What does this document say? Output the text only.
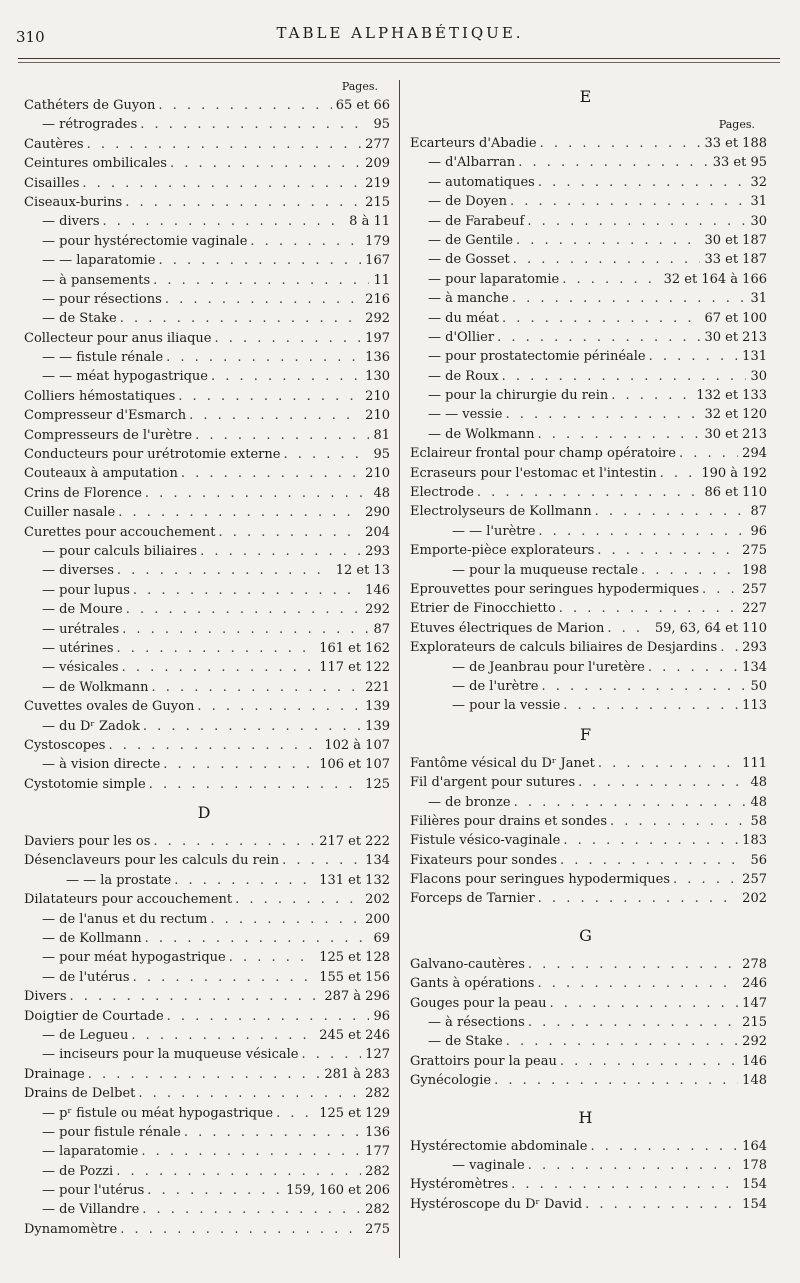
310	TABLE ALPHABÉTIQUE.
Pages.
Cathéters de Guyon . . .	65 et 66
— rétrogrades . . .	95
Cautères . . .	277
Ceintures ombilicales . . .	209
Cisailles . . .	219
Ciseaux-burins . . .	215
— divers . . .	8 à 11
— pour hystérectomie vaginale . . .	179
— — laparatomie . . .	167
— à pansements . . .	11
— pour résections . . .	216
— de Stake . . .	292
Collecteur pour anus iliaque . . .	197
— — fistule rénale . . .	136
— — méat hypogastrique . . .	130
Colliers hémostatiques . . .	210
Compresseur d'Esmarch . . .	210
Compresseurs de l'urètre . . .	81
Conducteurs pour urétrotomie externe . . .	95
Couteaux à amputation . . .	210
Crins de Florence . . .	48
Cuiller nasale . . .	290
Curettes pour accouchement . . .	204
— pour calculs biliaires . . .	293
— diverses . . .	12 et 13
— pour lupus . . .	146
— de Moure . . .	292
— urétrales . . .	87
— utérines . . .	161 et 162
— vésicales . . .	117 et 122
— de Wolkmann . . .	221
Cuvettes ovales de Guyon . . .	139
— du Dʳ Zadok . . .	139
Cystoscopes . . .	102 à 107
— à vision directe . . .	106 et 107
Cystotomie simple . . .	125
D
Daviers pour les os . . .	217 et 222
Désenclaveurs pour les calculs du rein . . .	134
— — la prostate . . .	131 et 132
Dilatateurs pour accouchement . . .	202
— de l'anus et du rectum . . .	200
— de Kollmann . . .	69
— pour méat hypogastrique . . .	125 et 128
— de l'utérus . . .	155 et 156
Divers . . .	287 à 296
Doigtier de Courtade . . .	96
— de Legueu . . .	245 et 246
— inciseurs pour la muqueuse vésicale . . .	127
Drainage . . .	281 à 283
Drains de Delbet . . .	282
— pʳ fistule ou méat hypogastrique . . .	125 et 129
— pour fistule rénale . . .	136
— laparatomie . . .	177
— de Pozzi . . .	282
— pour l'utérus . . .	159, 160 et 206
— de Villandre . . .	282
Dynamomètre . . .	275
E
Pages.
Ecarteurs d'Abadie . . .	33 et 188
— d'Albarran . . .	33 et 95
— automatiques . . .	32
— de Doyen . . .	31
— de Farabeuf . . .	30
— de Gentile . . .	30 et 187
— de Gosset . . .	33 et 187
— pour laparatomie . . .	32 et 164 à 166
— à manche . . .	31
— du méat . . .	67 et 100
— d'Ollier . . .	30 et 213
— pour prostatectomie périnéale . . .	131
— de Roux . . .	30
— pour la chirurgie du rein . . .	132 et 133
— — vessie . . .	32 et 120
— de Wolkmann . . .	30 et 213
Eclaireur frontal pour champ opératoire . . .	294
Ecraseurs pour l'estomac et l'intestin . . .	190 à 192
Electrode . . .	86 et 110
Electrolyseurs de Kollmann . . .	87
— — l'urètre . . .	96
Emporte-pièce explorateurs . . .	275
— pour la muqueuse rectale . . .	198
Eprouvettes pour seringues hypodermiques . . .	257
Etrier de Finocchietto . . .	227
Etuves électriques de Marion . . .	59, 63, 64 et 110
Explorateurs de calculs biliaires de Desjardins . . .	293
— de Jeanbrau pour l'uretère . . .	134
— de l'urètre . . .	50
— pour la vessie . . .	113
F
Fantôme vésical du Dʳ Janet . . .	111
Fil d'argent pour sutures . . .	48
— de bronze . . .	48
Filières pour drains et sondes . . .	58
Fistule vésico-vaginale . . .	183
Fixateurs pour sondes . . .	56
Flacons pour seringues hypodermiques . . .	257
Forceps de Tarnier . . .	202
G
Galvano-cautères . . .	278
Gants à opérations . . .	246
Gouges pour la peau . . .	147
— à résections . . .	215
— de Stake . . .	292
Grattoirs pour la peau . . .	146
Gynécologie . . .	148
H
Hystérectomie abdominale . . .	164
— vaginale . . .	178
Hystéromètres . . .	154
Hystéroscope du Dʳ David . . .	154
